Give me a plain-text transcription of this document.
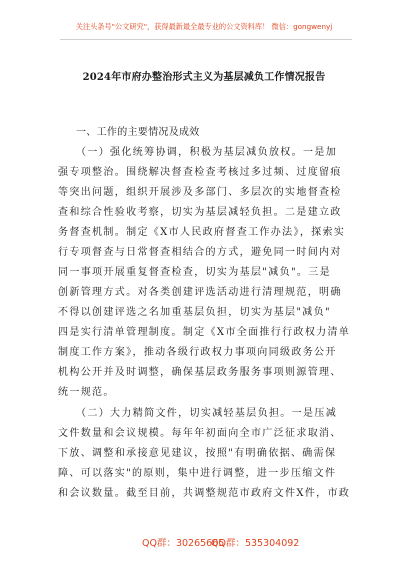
关注头条号"公文研究"，获得最新最全最专业的公文资料库！ 微信：gongwenyj
2024年市府办整治形式主义为基层减负工作情况报告
一、工作的主要情况及成效
（一）强化统筹协调，积极为基层减负放权。一是加
强专项整治。围绕解决督查检查考核过多过频、过度留痕
等突出问题，组织开展涉及多部门、多层次的实地督查检
查和综合性验收考察，切实为基层减轻负担。二是建立政
务督查机制。制定《X市人民政府督查工作办法》，探索实
行专项督查与日常督查相结合的方式，避免同一时间内对
同一事项开展重复督查检查，切实为基层"减负"。三是
创新管理方式。对各类创建评选活动进行清理规范，明确
不得以创建评选之名加重基层负担，切实为基层"减负"
四是实行清单管理制度。制定《X市全面推行行政权力清单
制度工作方案》，推动各级行政权力事项向同级政务公开
机构公开并及时调整，确保基层政务服务事项则源管理、
统一规范。
（二）大力精简文件，切实减轻基层负担。一是压减
文件数量和会议规模。每年年初面向全市广泛征求取消、
下放、调整和承接意见建议，按照"有明确依据、确需保
障、可以落实"的原则，集中进行调整，进一步压缩文件
和会议数量。截至目前，共调整规范市政府文件X件，市政
QQ群：30265665
QQ群：535304092
